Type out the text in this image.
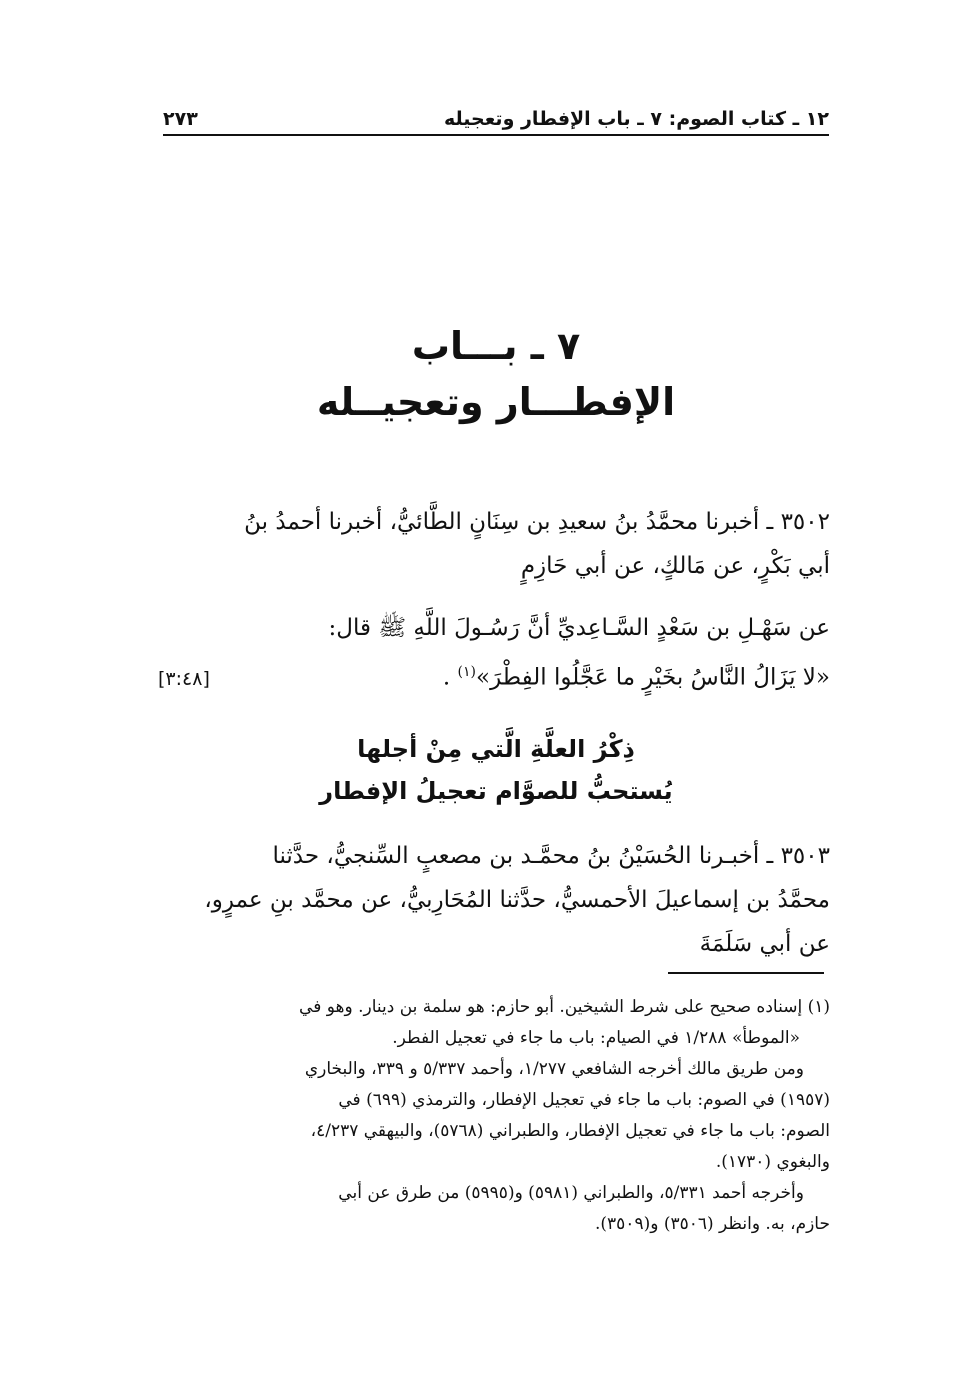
١٢ ـ كتاب الصوم: ٧ ـ باب الإفطار وتعجيله
٢٧٣

٧ ـ بـــاب

الإفطـــار وتعجيــله

٣٥٠٢ ـ أخبرنا محمَّدُ بنُ سعيدِ بن سِنَانٍ الطَّائيُّ، أخبرنا أحمدُ بنُ

أبي بَكْرٍ، عن مَالكٍ، عن أبي حَازِمٍ

عن سَهْـلِ بن سَعْدٍ السَّـاعِديِّ أنَّ رَسُـولَ اللَّهِ ﷺ قال:

«لا يَزَالُ النَّاسُ بخَيْرٍ ما عَجَّلُوا الفِطْرَ»$^{(١)}$ .
[٣:٤٨]

ذِكْرُ العلَّةِ الَّتي مِنْ أجلها

يُستحبُّ للصوَّام تعجيلُ الإفطار

٣٥٠٣ ـ أخبـرنا الحُسَيْنُ بنُ محمَّـد بن مصعبٍ السِّنجيُّ، حدَّثنا

محمَّدُ بن إسماعيلَ الأحمسيُّ، حدَّثنا المُحَارِبيُّ، عن محمَّد بنِ عمرٍو،

عن أبي سَلَمَةَ

(١) إسناده صحيح على شرط الشيخين. أبو حازم: هو سلمة بن دينار. وهو في

«الموطأ» ١/٢٨٨ في الصيام: باب ما جاء في تعجيل الفطر.

ومن طريق مالك أخرجه الشافعي ١/٢٧٧، وأحمد ٥/٣٣٧ و ٣٣٩، والبخاري

(١٩٥٧) في الصوم: باب ما جاء في تعجيل الإفطار، والترمذي (٦٩٩) في

الصوم: باب ما جاء في تعجيل الإفطار، والطبراني (٥٧٦٨)، والبيهقي ٤/٢٣٧،

والبغوي (١٧٣٠).

وأخرجه أحمد ٥/٣٣١، والطبراني (٥٩٨١) و(٥٩٩٥) من طرق عن أبي

حازم، به. وانظر (٣٥٠٦) و(٣٥٠٩).
